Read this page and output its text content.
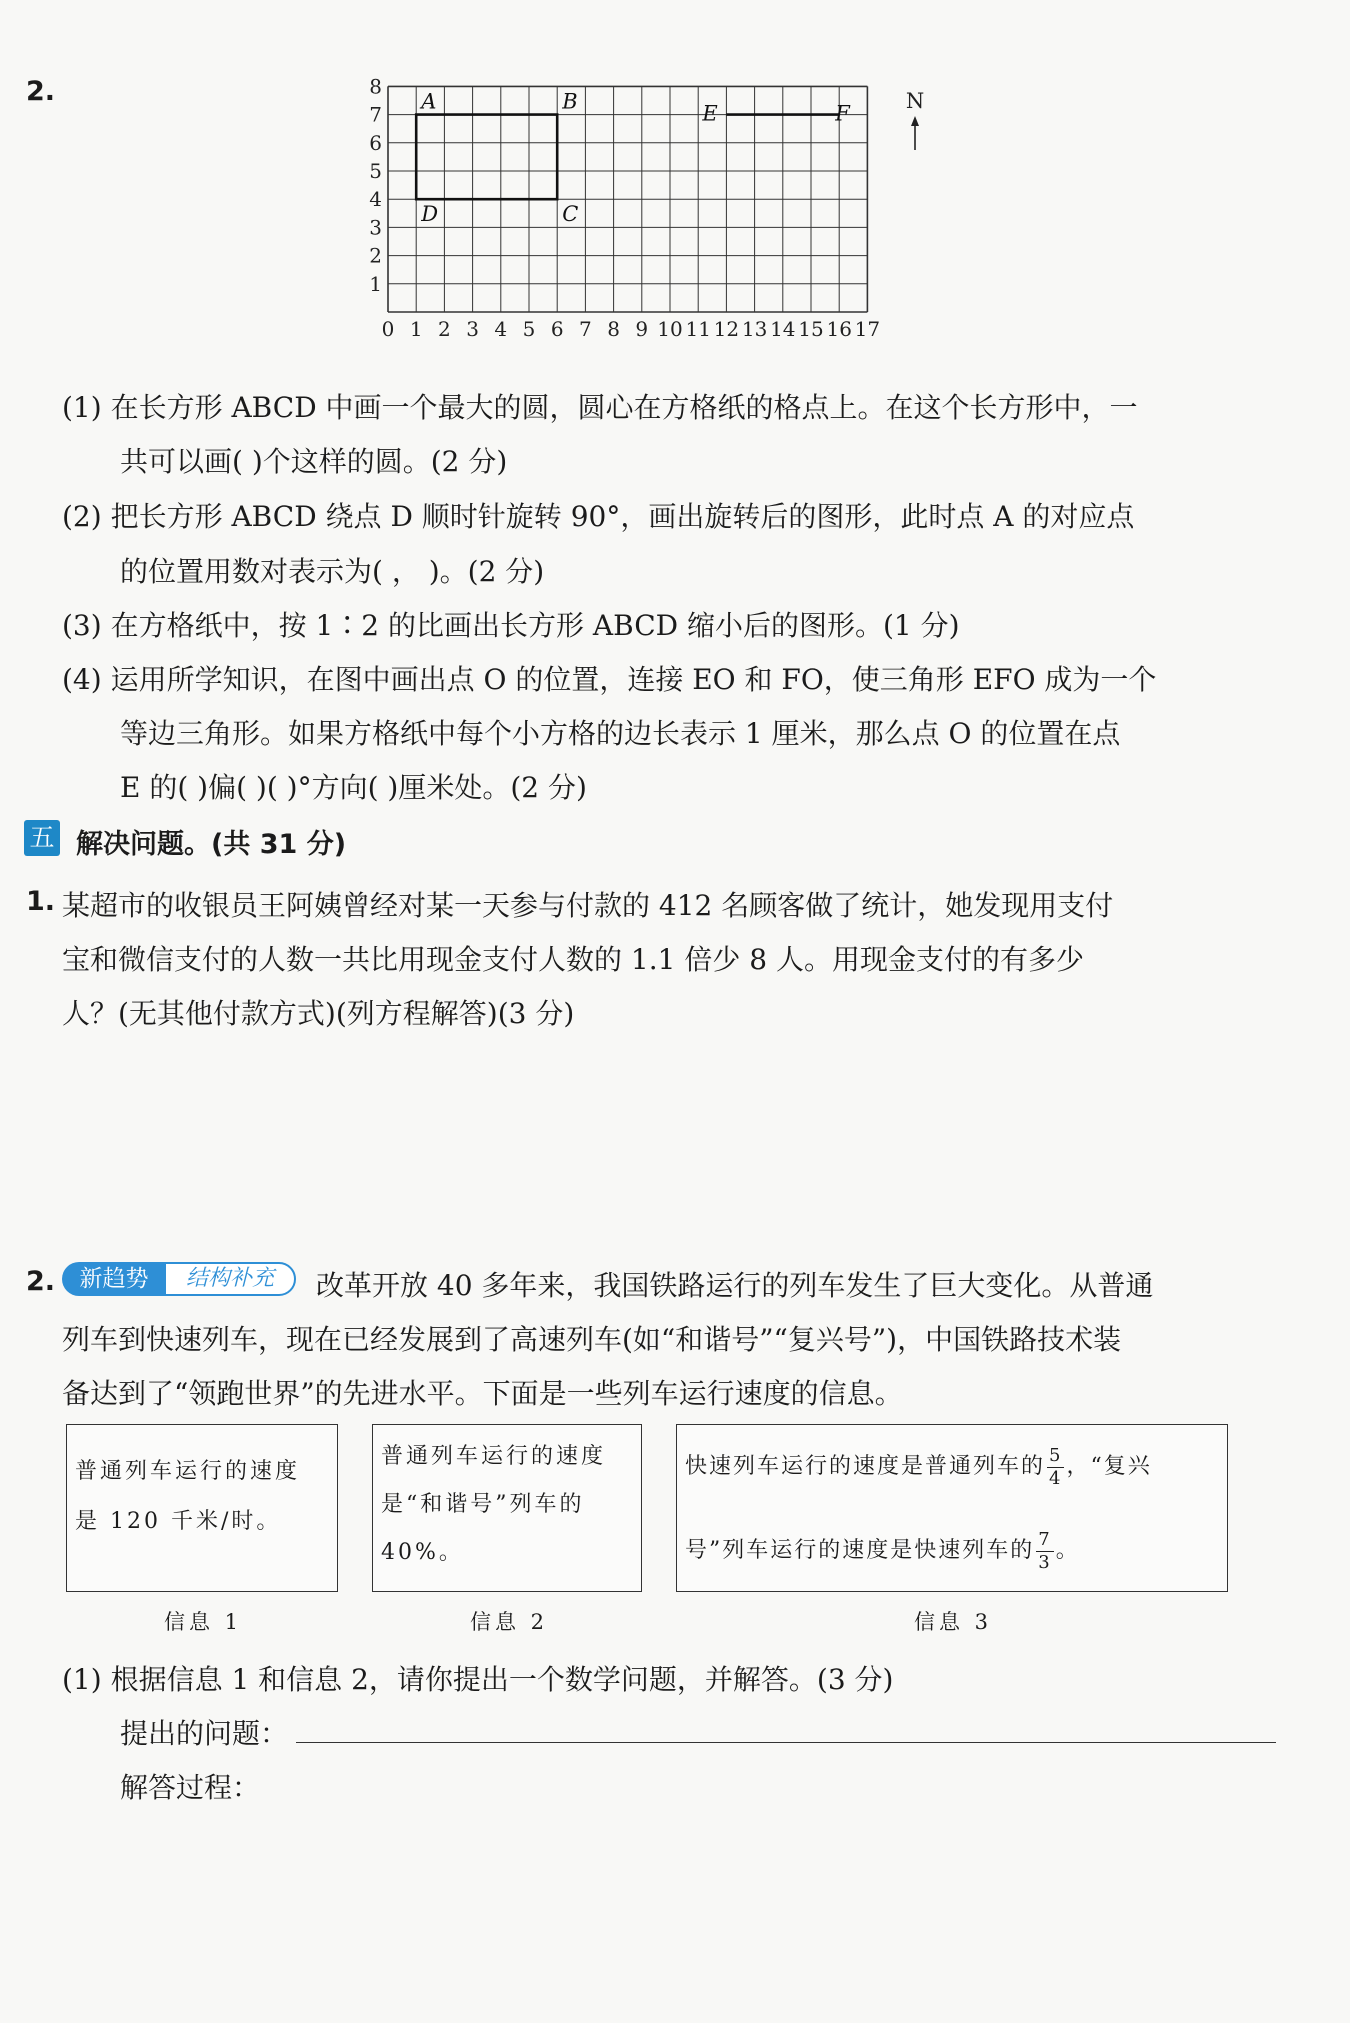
2.
0 1 2 3 4 5 6 7 8 9 10 11 12 13 14 15 16 17
8
7
6
5
4
3
2
1
A	B
C
D
E	F
N
(1) 在长方形 ABCD 中画一个最大的圆，圆心在方格纸的格点上。在这个长方形中，一
共可以画( )个这样的圆。(2 分)
(2) 把长方形 ABCD 绕点 D 顺时针旋转 90°，画出旋转后的图形，此时点 A 的对应点
的位置用数对表示为( ， )。(2 分)
(3) 在方格纸中，按 1∶2 的比画出长方形 ABCD 缩小后的图形。(1 分)
(4) 运用所学知识，在图中画出点 O 的位置，连接 EO 和 FO，使三角形 EFO 成为一个
等边三角形。如果方格纸中每个小方格的边长表示 1 厘米，那么点 O 的位置在点
E 的( )偏( )( )°方向( )厘米处。(2 分)
五 解决问题。(共 31 分)
1. 某超市的收银员王阿姨曾经对某一天参与付款的 412 名顾客做了统计，她发现用支付
宝和微信支付的人数一共比用现金支付人数的 1.1 倍少 8 人。用现金支付的有多少
人？(无其他付款方式)(列方程解答)(3 分)
2.	新趋势	结构补充	改革开放 40 多年来，我国铁路运行的列车发生了巨大变化。从普通
列车到快速列车，现在已经发展到了高速列车(如“和谐号”“复兴号”)，中国铁路技术装
备达到了“领跑世界”的先进水平。下面是一些列车运行速度的信息。
普通列车运行的速度
是 120 千米/时。
信息 1
普通列车运行的速度
是“和谐号”列车的
40%。
信息 2
快速列车运行的速度是普通列车的 $\frac{5}{4}$ ，“复兴
号”列车运行的速度是快速列车的 $\frac{7}{3}$ 。
信息 3
(1) 根据信息 1 和信息 2，请你提出一个数学问题，并解答。(3 分)
提出的问题：
解答过程：
